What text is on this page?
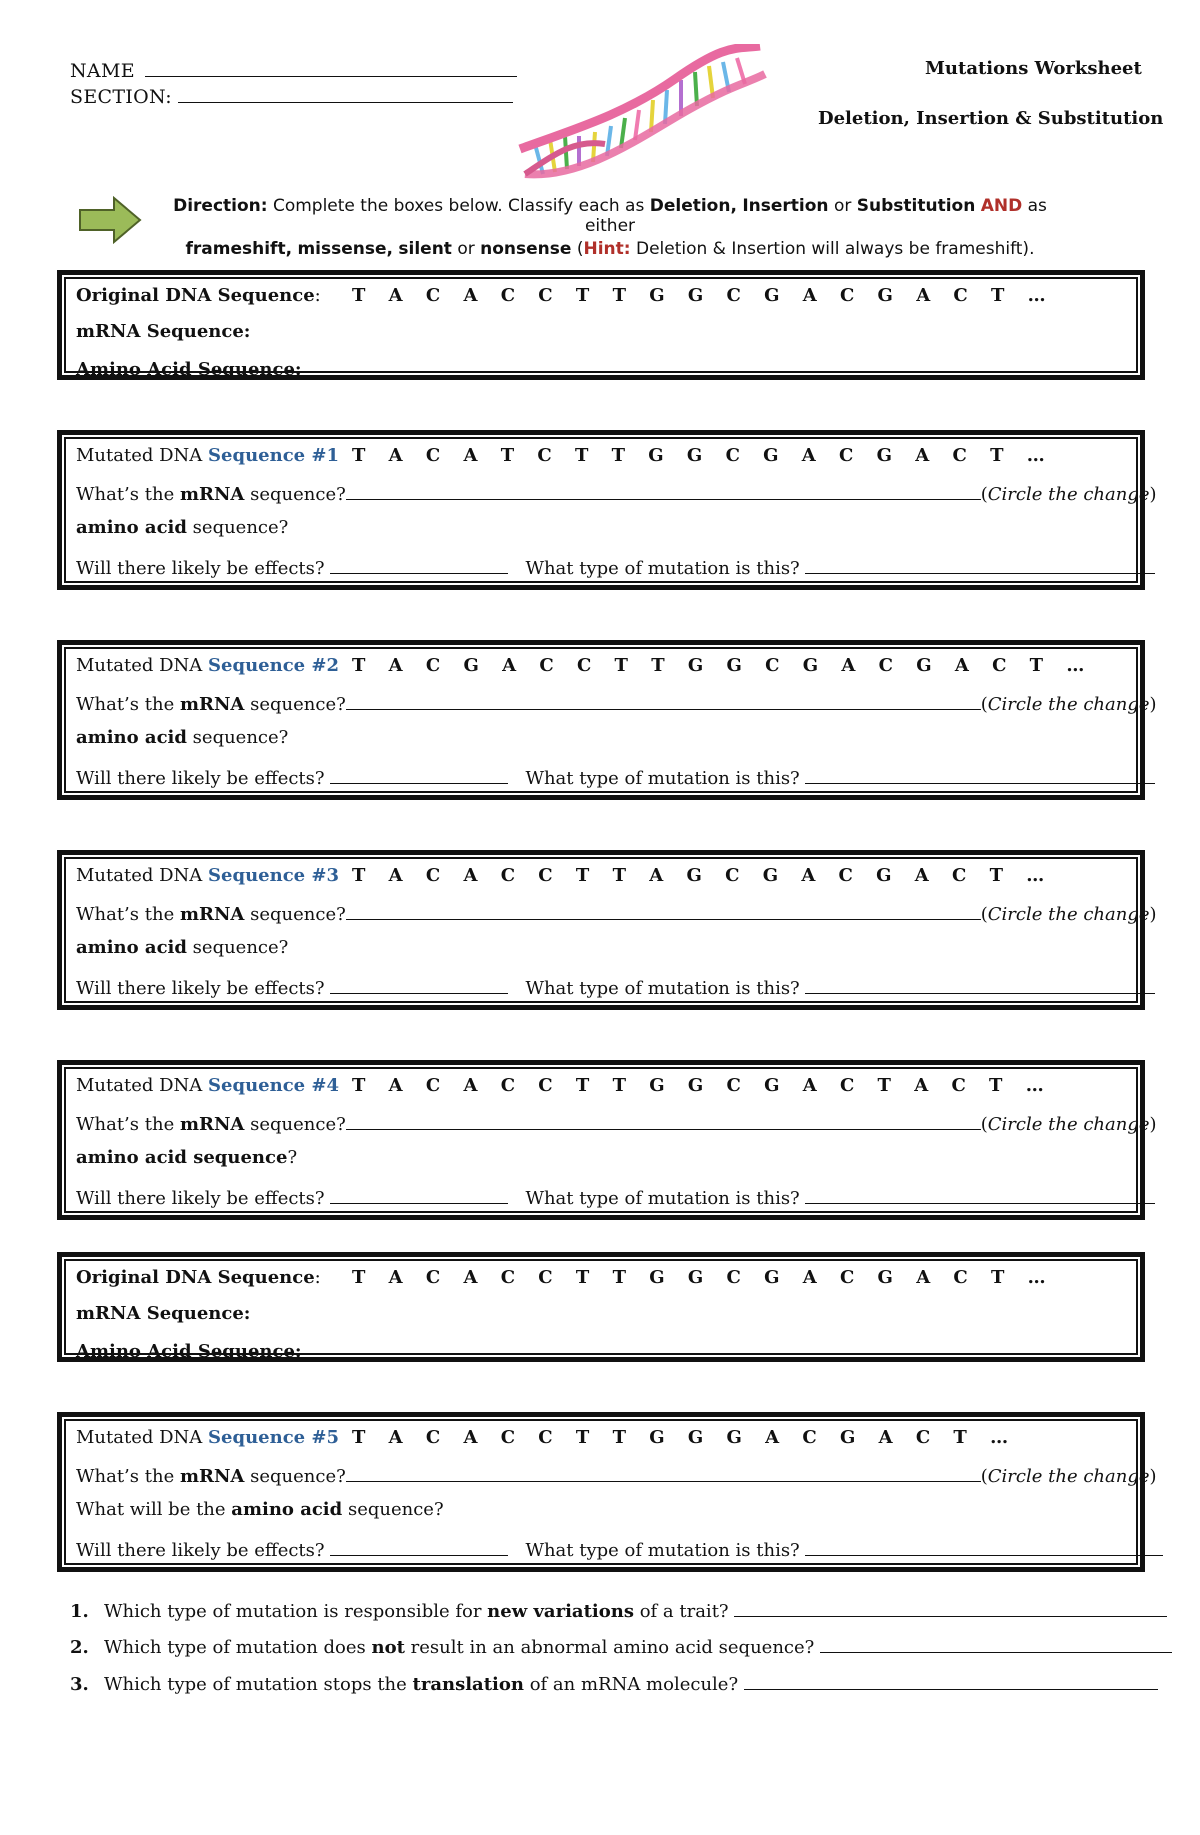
NAME
SECTION:
Mutations Worksheet
Deletion, Insertion & Substitution
Direction: Complete the boxes below. Classify each as Deletion, Insertion or Substitution AND as either
frameshift, missense, silent or nonsense (Hint: Deletion & Insertion will always be frameshift).
Original DNA Sequence: T A C A C C T T G G C G A C G A C T …
mRNA Sequence:
Amino Acid Sequence:
Mutated DNA Sequence #1 T A C A T C T T G G C G A C G A C T …
What’s the mRNA sequence?	(Circle the change)
amino acid sequence?
Will there likely be effects?	What type of mutation is this?
Mutated DNA Sequence #2 T A C G A C C T T G G C G A C G A C T …
What’s the mRNA sequence?	(Circle the change)
amino acid sequence?
Will there likely be effects?	What type of mutation is this?
Mutated DNA Sequence #3 T A C A C C T T A G C G A C G A C T …
What’s the mRNA sequence?	(Circle the change)
amino acid sequence?
Will there likely be effects?	What type of mutation is this?
Mutated DNA Sequence #4 T A C A C C T T G G C G A C T A C T …
What’s the mRNA sequence?	(Circle the change)
amino acid sequence?
Will there likely be effects?	What type of mutation is this?
Original DNA Sequence: T A C A C C T T G G C G A C G A C T …
mRNA Sequence:
Amino Acid Sequence:
Mutated DNA Sequence #5 T A C A C C T T G G G A C G A C T …
What’s the mRNA sequence?	(Circle the change)
What will be the amino acid sequence?
Will there likely be effects?	What type of mutation is this?
1. Which type of mutation is responsible for new variations of a trait?
2. Which type of mutation does not result in an abnormal amino acid sequence?
3. Which type of mutation stops the translation of an mRNA molecule?
